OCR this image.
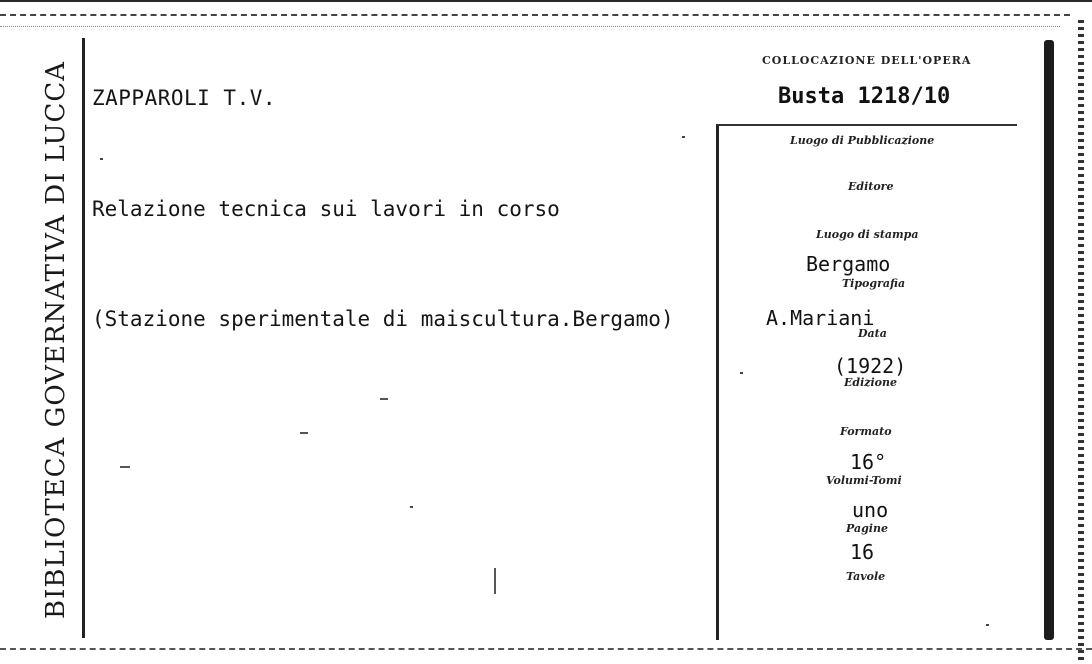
BIBLIOTECA GOVERNATIVA DI LUCCA ZAPPAROLI T.V.
Relazione tecnica sui lavori in corso
(Stazione sperimentale di maiscultura.Bergamo)
COLLOCAZIONE DELL'OPERA
Busta 1218/10
Luogo di Pubblicazione
Editore
Luogo di stampa
Bergamo
Tipografia
A.Mariani
Data
(1922)
Edizione
Formato
16°
Volumi-Tomi
uno
Pagine
16
Tavole
